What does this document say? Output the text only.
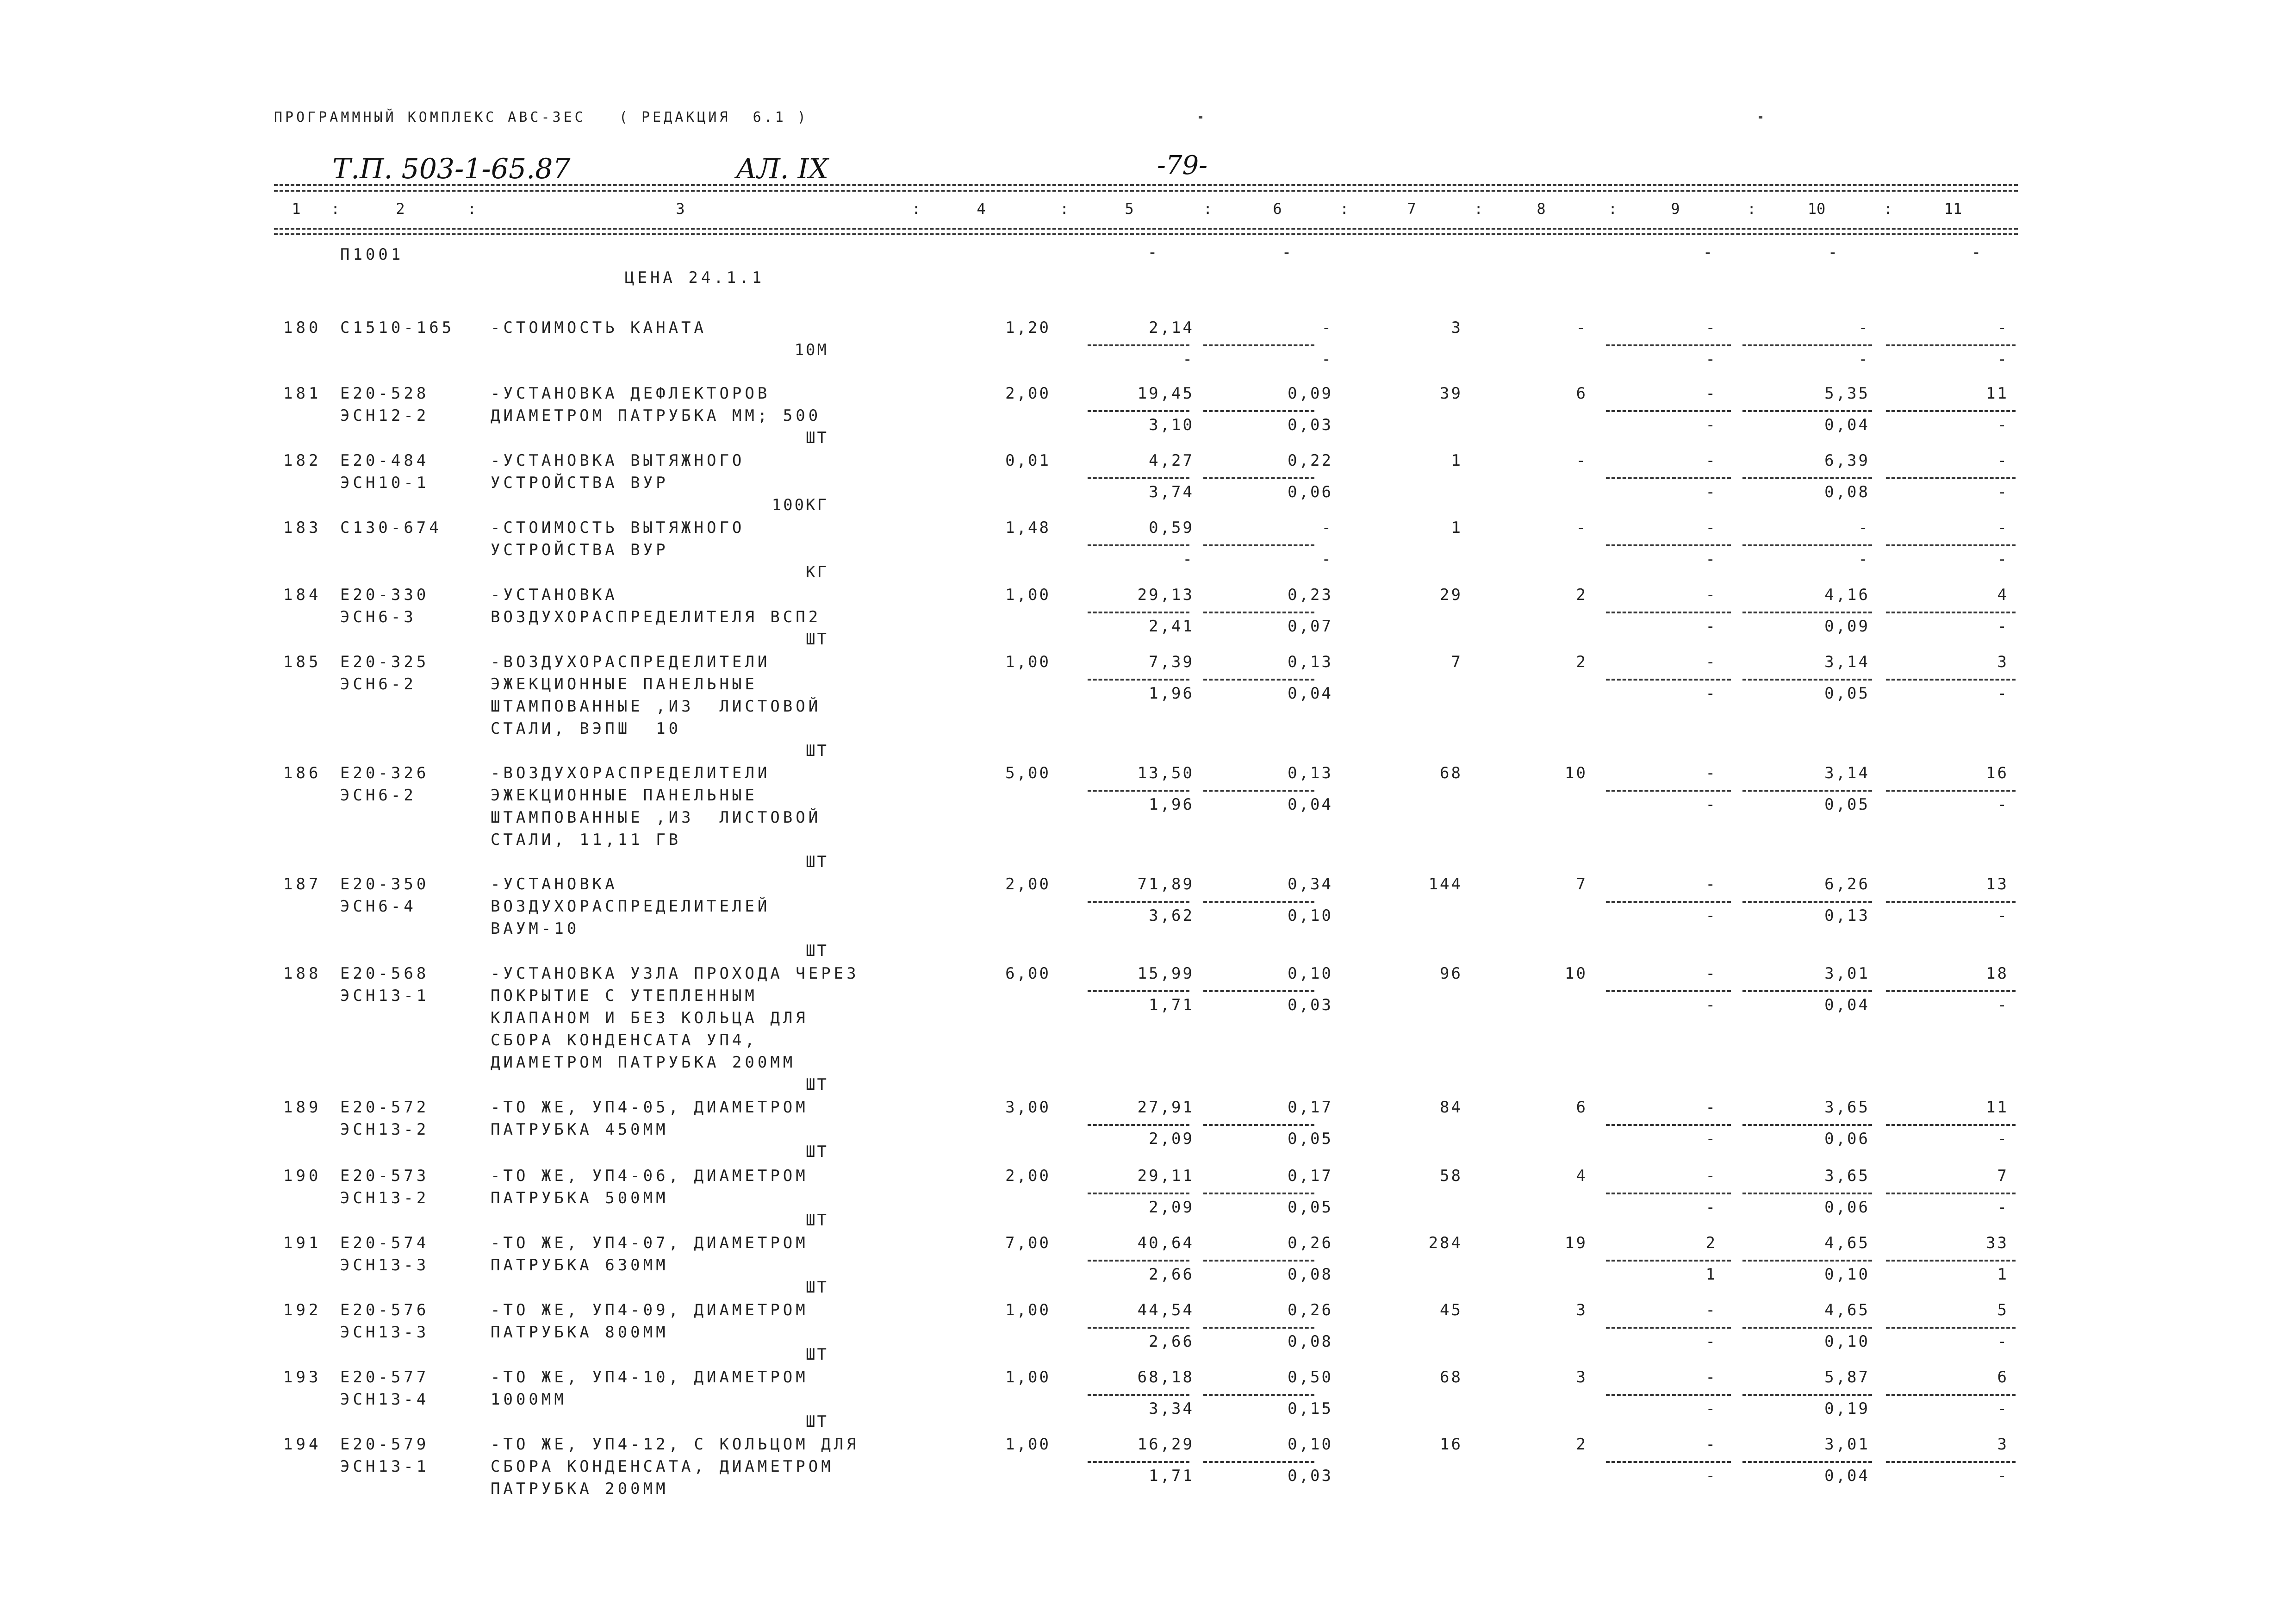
ПРОГРАММНЫЙ КОМПЛЕКС АВС-3ЕС   ( РЕДАКЦИЯ  6.1 )
Т.П. 503-1-65.87	АЛ. IX	-79-
1	2	3	4	5	6	7	8	9	10	11
:	:	:	:	:	:	:	:	:	:
П1001
ЦЕНА 24.1.1
-	-	-	-	-
180 С1510-165 -СТОИМОСТЬ КАНАТА
10М
1,20	2,14	-	3	-	-	-	-
-	-	-	-	-
181 Е20-528
ЭСН12-2
-УСТАНОВКА ДЕФЛЕКТОРОВ
ДИАМЕТРОМ ПАТРУБКА ММ; 500
ШТ
2,00	19,45	0,09	39	6	-	5,35	11
3,10	0,03	-	0,04	-
182 Е20-484
ЭСН10-1
-УСТАНОВКА ВЫТЯЖНОГО
УСТРОЙСТВА ВУР
100КГ
0,01	4,27	0,22	1	-	-	6,39	-
3,74	0,06	-	0,08	-
183 С130-674	-СТОИМОСТЬ ВЫТЯЖНОГО
УСТРОЙСТВА ВУР
КГ
1,48	0,59	-	1	-	-	-	-
-	-	-	-	-
184 Е20-330
ЭСН6-3
-УСТАНОВКА
ВОЗДУХОРАСПРЕДЕЛИТЕЛЯ ВСП2
ШТ
1,00	29,13	0,23	29	2	-	4,16	4
2,41	0,07	-	0,09	-
185 Е20-325
ЭСН6-2
-ВОЗДУХОРАСПРЕДЕЛИТЕЛИ
ЭЖЕКЦИОННЫЕ ПАНЕЛЬНЫЕ
ШТАМПОВАННЫЕ ,ИЗ  ЛИСТОВОЙ
СТАЛИ, ВЭПШ  10
ШТ
1,00	7,39	0,13	7	2	-	3,14	3
1,96	0,04	-	0,05	-
186 Е20-326
ЭСН6-2
-ВОЗДУХОРАСПРЕДЕЛИТЕЛИ
ЭЖЕКЦИОННЫЕ ПАНЕЛЬНЫЕ
ШТАМПОВАННЫЕ ,ИЗ  ЛИСТОВОЙ
СТАЛИ, 11,11 ГВ
ШТ
5,00	13,50	0,13	68	10	-	3,14	16
1,96	0,04	-	0,05	-
187 Е20-350
ЭСН6-4
-УСТАНОВКА
ВОЗДУХОРАСПРЕДЕЛИТЕЛЕЙ
ВАУМ-10
ШТ
2,00	71,89	0,34	144	7	-	6,26	13
3,62	0,10	-	0,13	-
188 Е20-568
ЭСН13-1
-УСТАНОВКА УЗЛА ПРОХОДА ЧЕРЕЗ
ПОКРЫТИЕ С УТЕПЛЕННЫМ
КЛАПАНОМ И БЕЗ КОЛЬЦА ДЛЯ
СБОРА КОНДЕНСАТА УП4,
ДИАМЕТРОМ ПАТРУБКА 200ММ
ШТ
6,00	15,99	0,10	96	10	-	3,01	18
1,71	0,03	-	0,04	-
189 Е20-572
ЭСН13-2
-ТО ЖЕ, УП4-05, ДИАМЕТРОМ
ПАТРУБКА 450ММ
ШТ
3,00	27,91	0,17	84	6	-	3,65	11
2,09	0,05	-	0,06	-
190 Е20-573
ЭСН13-2
-ТО ЖЕ, УП4-06, ДИАМЕТРОМ
ПАТРУБКА 500ММ
ШТ
2,00	29,11	0,17	58	4	-	3,65	7
2,09	0,05	-	0,06	-
191 Е20-574
ЭСН13-3
-ТО ЖЕ, УП4-07, ДИАМЕТРОМ
ПАТРУБКА 630ММ
ШТ
7,00	40,64	0,26	284	19	2	4,65	33
2,66	0,08	1	0,10	1
192 Е20-576
ЭСН13-3
-ТО ЖЕ, УП4-09, ДИАМЕТРОМ
ПАТРУБКА 800ММ
ШТ
1,00	44,54	0,26	45	3	-	4,65	5
2,66	0,08	-	0,10	-
193 Е20-577
ЭСН13-4
-ТО ЖЕ, УП4-10, ДИАМЕТРОМ
1000ММ
ШТ
1,00	68,18	0,50	68	3	-	5,87	6
3,34	0,15	-	0,19	-
194 Е20-579
ЭСН13-1
-ТО ЖЕ, УП4-12, С КОЛЬЦОМ ДЛЯ
СБОРА КОНДЕНСАТА, ДИАМЕТРОМ
ПАТРУБКА 200ММ
1,00	16,29	0,10	16	2	-	3,01	3
1,71	0,03	-	0,04	-
